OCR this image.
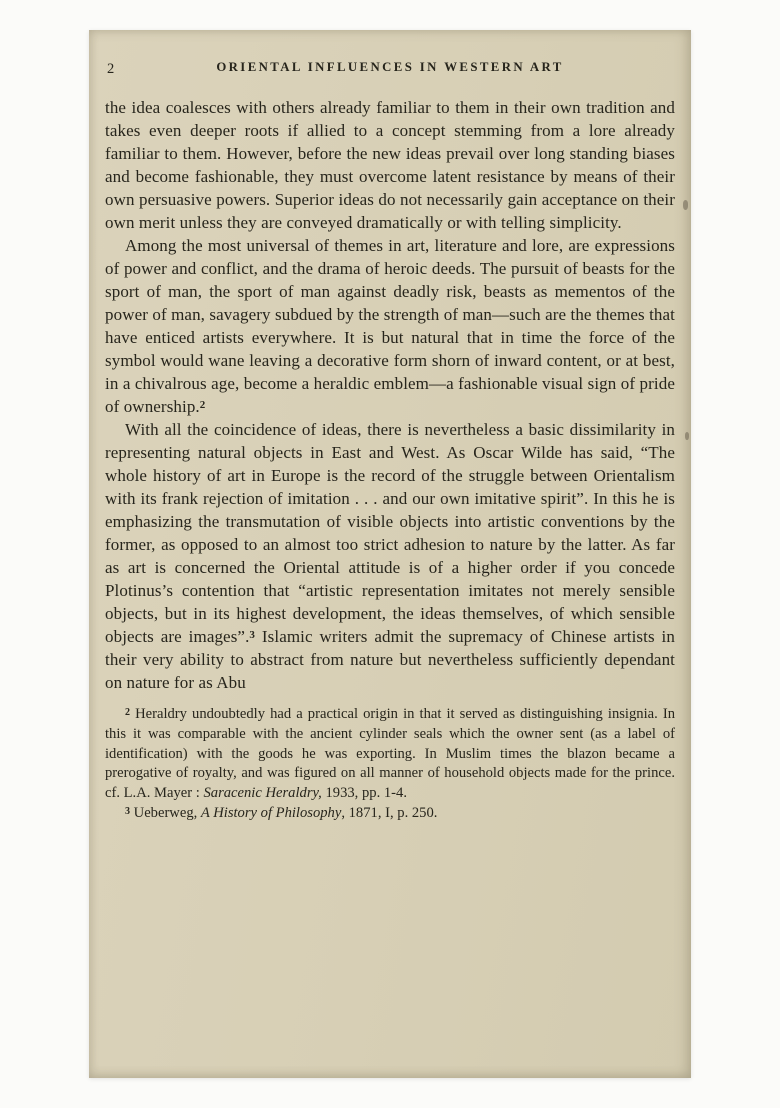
2	ORIENTAL INFLUENCES IN WESTERN ART

the idea coalesces with others already familiar to them in their own tradition and takes even deeper roots if allied to a concept stemming from a lore already familiar to them. However, before the new ideas prevail over long standing biases and become fashionable, they must overcome latent resistance by means of their own persuasive powers. Superior ideas do not necessarily gain acceptance on their own merit unless they are conveyed dramatically or with telling simplicity.

Among the most universal of themes in art, literature and lore, are expressions of power and conflict, and the drama of heroic deeds. The pursuit of beasts for the sport of man, the sport of man against deadly risk, beasts as mementos of the power of man, savagery subdued by the strength of man—such are the themes that have enticed artists everywhere. It is but natural that in time the force of the symbol would wane leaving a decorative form shorn of inward content, or at best, in a chivalrous age, become a heraldic emblem—a fashionable visual sign of pride of ownership.$^2$

With all the coincidence of ideas, there is nevertheless a basic dissimilarity in representing natural objects in East and West. As Oscar Wilde has said, “The whole history of art in Europe is the record of the struggle between Orientalism with its frank rejection of imitation . . . and our own imitative spirit”. In this he is emphasizing the transmutation of visible objects into artistic conventions by the former, as opposed to an almost too strict adhesion to nature by the latter. As far as art is concerned the Oriental attitude is of a higher order if you concede Plotinus’s contention that “artistic representation imitates not merely sensible objects, but in its highest development, the ideas themselves, of which sensible objects are images”.$^3$ Islamic writers admit the supremacy of Chinese artists in their very ability to abstract from nature but nevertheless sufficiently dependant on nature for as Abu

$^2$ Heraldry undoubtedly had a practical origin in that it served as distinguishing insignia. In this it was comparable with the ancient cylinder seals which the owner sent (as a label of identification) with the goods he was exporting. In Muslim times the blazon became a prerogative of royalty, and was figured on all manner of household objects made for the prince. cf. L.A. Mayer : Saracenic Heraldry, 1933, pp. 1-4.

$^3$ Ueberweg, A History of Philosophy, 1871, I, p. 250.
